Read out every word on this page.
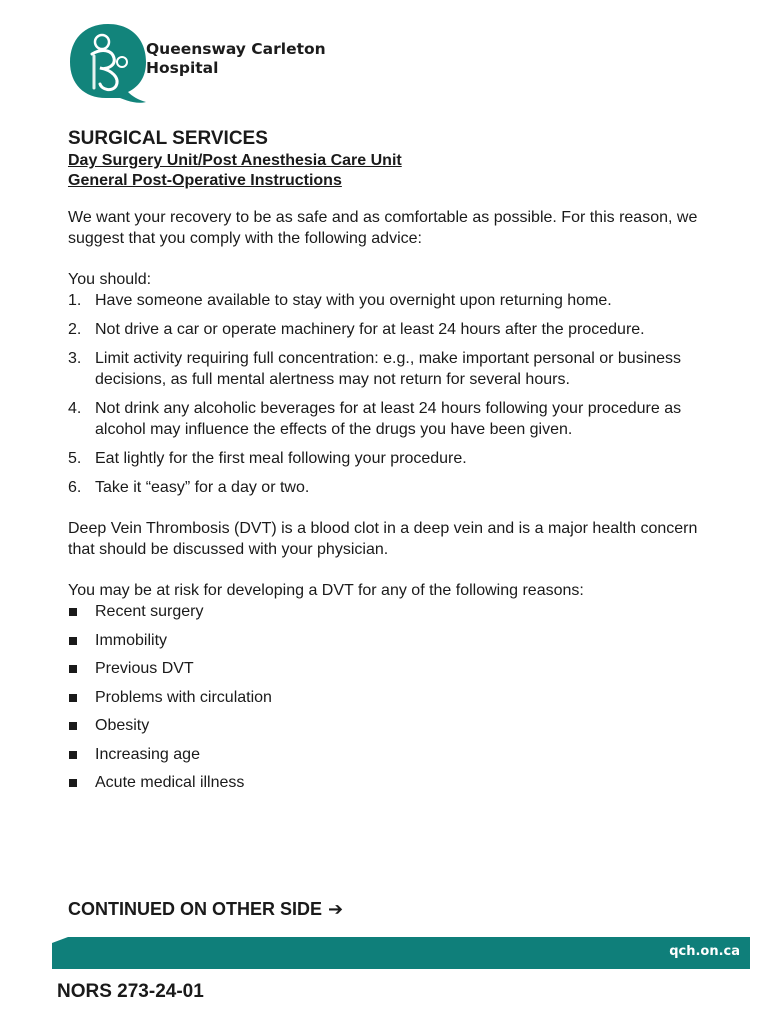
Queensway Carleton
Hospital
SURGICAL SERVICES
Day Surgery Unit/Post Anesthesia Care Unit
General Post-Operative Instructions

We want your recovery to be as safe and as comfortable as possible. For this reason, we suggest that you comply with the following advice:

You should:

1. Have someone available to stay with you overnight upon returning home.
2. Not drive a car or operate machinery for at least 24 hours after the procedure.
3. Limit activity requiring full concentration: e.g., make important personal or business decisions, as full mental alertness may not return for several hours.
4. Not drink any alcoholic beverages for at least 24 hours following your procedure as alcohol may influence the effects of the drugs you have been given.
5. Eat lightly for the first meal following your procedure.
6. Take it “easy” for a day or two.

Deep Vein Thrombosis (DVT) is a blood clot in a deep vein and is a major health concern that should be discussed with your physician.

You may be at risk for developing a DVT for any of the following reasons:

Recent surgery
Immobility
Previous DVT
Problems with circulation
Obesity
Increasing age
Acute medical illness
CONTINUED ON OTHER SIDE ➔
qch.on.ca
NORS 273-24-01
